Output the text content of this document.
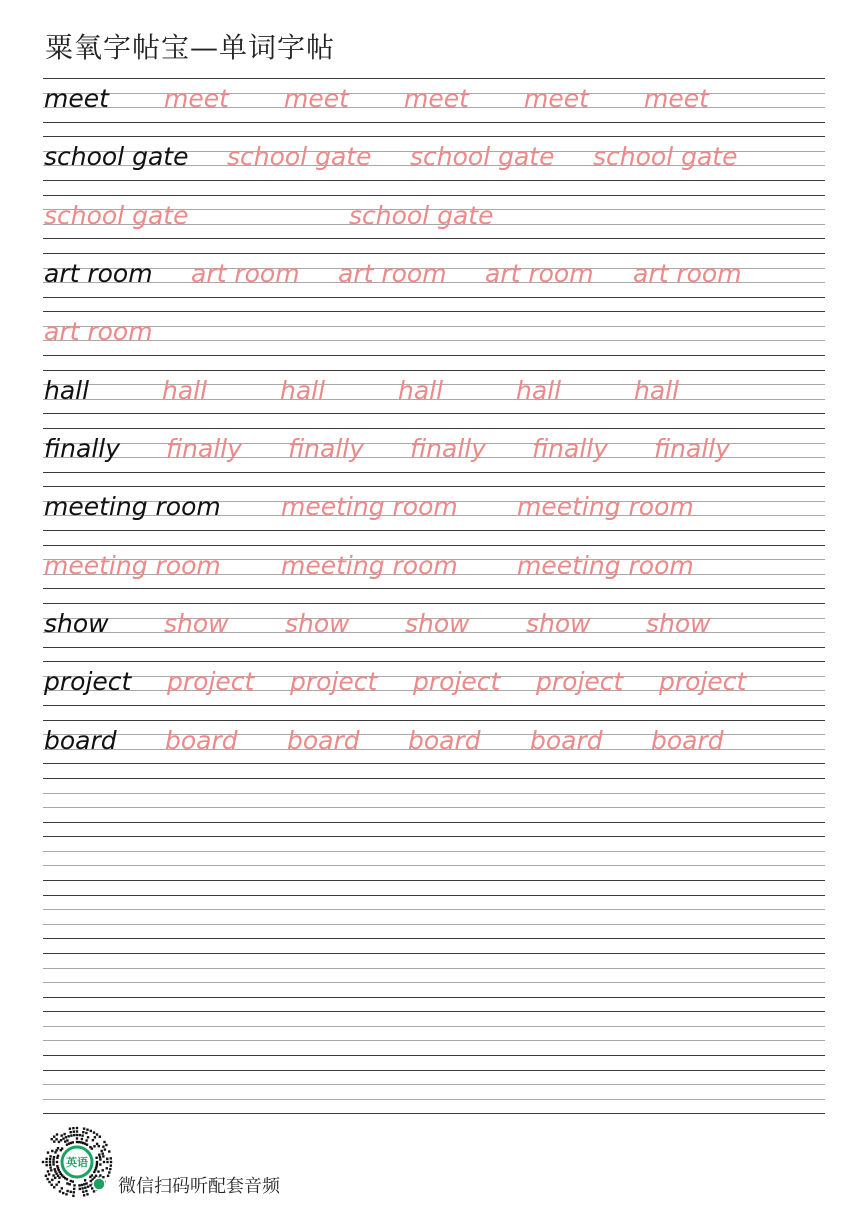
粟氧字帖宝—单词字帖
meet meet meet meet meet meet
school gate school gate school gate school gate
school gate	school gate
art room art room art room art room art room
art room
hall	hall	hall	hall	hall	hall
finally finally finally finally finally finally
meeting room meeting room meeting room
meeting room meeting room meeting room
show show show show show show
project project project project project project
board board board board board board
英语
微信扫码听配套音频
